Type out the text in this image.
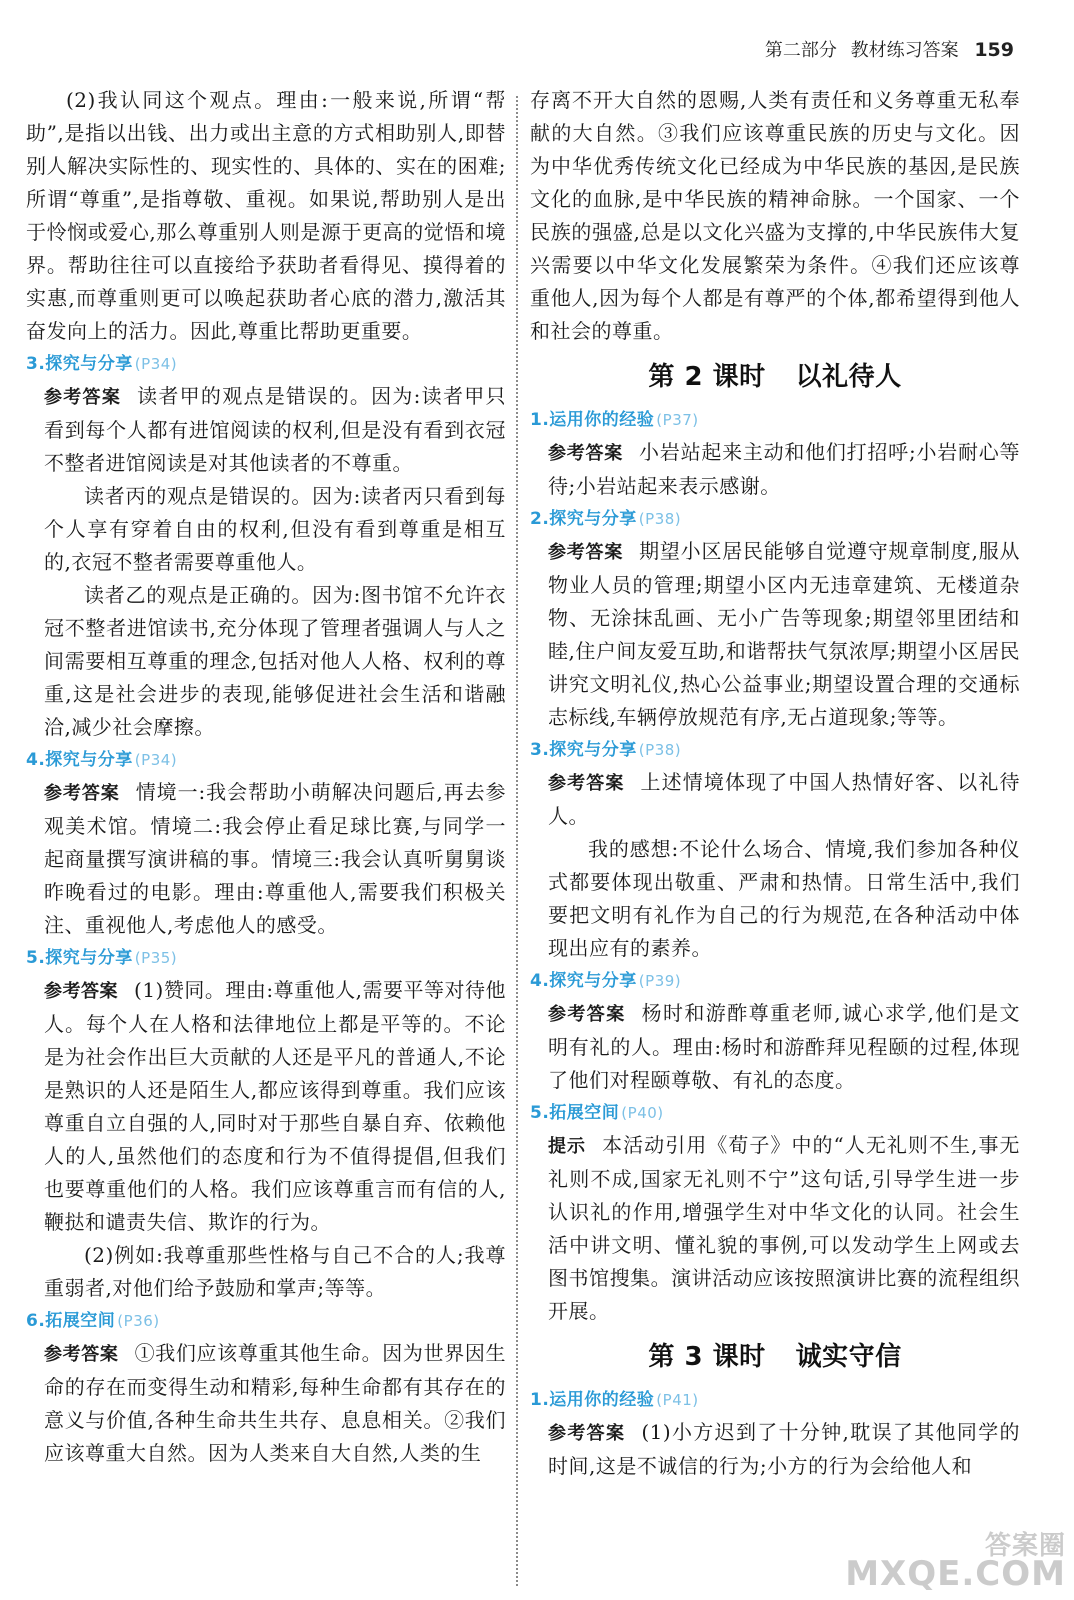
第二部分 教材练习答案 159

(2)我认同这个观点。理由:一般来说,所谓“帮助”,是指以出钱、出力或出主意的方式相助别人,即替别人解决实际性的、现实性的、具体的、实在的困难;所谓“尊重”,是指尊敬、重视。如果说,帮助别人是出于怜悯或爱心,那么尊重别人则是源于更高的觉悟和境界。帮助往往可以直接给予获助者看得见、摸得着的实惠,而尊重则更可以唤起获助者心底的潜力,激活其奋发向上的活力。因此,尊重比帮助更重要。

3.探究与分享 (P34)

参考答案 读者甲的观点是错误的。因为:读者甲只看到每个人都有进馆阅读的权利,但是没有看到衣冠不整者进馆阅读是对其他读者的不尊重。

读者丙的观点是错误的。因为:读者丙只看到每个人享有穿着自由的权利,但没有看到尊重是相互的,衣冠不整者需要尊重他人。

读者乙的观点是正确的。因为:图书馆不允许衣冠不整者进馆读书,充分体现了管理者强调人与人之间需要相互尊重的理念,包括对他人人格、权利的尊重,这是社会进步的表现,能够促进社会生活和谐融洽,减少社会摩擦。

4.探究与分享 (P34)

参考答案 情境一:我会帮助小萌解决问题后,再去参观美术馆。情境二:我会停止看足球比赛,与同学一起商量撰写演讲稿的事。情境三:我会认真听舅舅谈昨晚看过的电影。理由:尊重他人,需要我们积极关注、重视他人,考虑他人的感受。

5.探究与分享 (P35)

参考答案 (1)赞同。理由:尊重他人,需要平等对待他人。每个人在人格和法律地位上都是平等的。不论是为社会作出巨大贡献的人还是平凡的普通人,不论是熟识的人还是陌生人,都应该得到尊重。我们应该尊重自立自强的人,同时对于那些自暴自弃、依赖他人的人,虽然他们的态度和行为不值得提倡,但我们也要尊重他们的人格。我们应该尊重言而有信的人,鞭挞和谴责失信、欺诈的行为。

(2)例如:我尊重那些性格与自己不合的人;我尊重弱者,对他们给予鼓励和掌声;等等。

6.拓展空间 (P36)

参考答案 ①我们应该尊重其他生命。因为世界因生命的存在而变得生动和精彩,每种生命都有其存在的意义与价值,各种生命共生共存、息息相关。②我们应该尊重大自然。因为人类来自大自然,人类的生

存离不开大自然的恩赐,人类有责任和义务尊重无私奉献的大自然。③我们应该尊重民族的历史与文化。因为中华优秀传统文化已经成为中华民族的基因,是民族文化的血脉,是中华民族的精神命脉。一个国家、一个民族的强盛,总是以文化兴盛为支撑的,中华民族伟大复兴需要以中华文化发展繁荣为条件。④我们还应该尊重他人,因为每个人都是有尊严的个体,都希望得到他人和社会的尊重。

第 2 课时 以礼待人

1.运用你的经验 (P37)

参考答案 小岩站起来主动和他们打招呼;小岩耐心等待;小岩站起来表示感谢。

2.探究与分享 (P38)

参考答案 期望小区居民能够自觉遵守规章制度,服从物业人员的管理;期望小区内无违章建筑、无楼道杂物、无涂抹乱画、无小广告等现象;期望邻里团结和睦,住户间友爱互助,和谐帮扶气氛浓厚;期望小区居民讲究文明礼仪,热心公益事业;期望设置合理的交通标志标线,车辆停放规范有序,无占道现象;等等。

3.探究与分享 (P38)

参考答案 上述情境体现了中国人热情好客、以礼待人。

我的感想:不论什么场合、情境,我们参加各种仪式都要体现出敬重、严肃和热情。日常生活中,我们要把文明有礼作为自己的行为规范,在各种活动中体现出应有的素养。

4.探究与分享 (P39)

参考答案 杨时和游酢尊重老师,诚心求学,他们是文明有礼的人。理由:杨时和游酢拜见程颐的过程,体现了他们对程颐尊敬、有礼的态度。

5.拓展空间 (P40)

提示 本活动引用《荀子》中的“人无礼则不生,事无礼则不成,国家无礼则不宁”这句话,引导学生进一步认识礼的作用,增强学生对中华文化的认同。社会生活中讲文明、懂礼貌的事例,可以发动学生上网或去图书馆搜集。演讲活动应该按照演讲比赛的流程组织开展。

第 3 课时 诚实守信

1.运用你的经验 (P41)

参考答案 (1)小方迟到了十分钟,耽误了其他同学的时间,这是不诚信的行为;小方的行为会给他人和

答案圈
MXQE.COM
